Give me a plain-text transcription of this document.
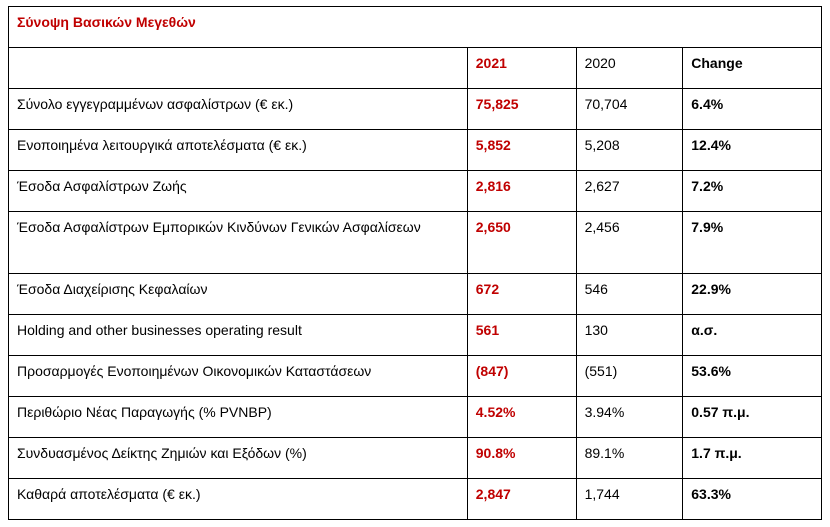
Σύνοψη Βασικών Μεγεθών			
	2021	2020	Change
Σύνολο εγγεγραμμένων ασφαλίστρων (€ εκ.)	75,825	70,704	6.4%
Ενοποιημένα λειτουργικά αποτελέσματα (€ εκ.)	5,852	5,208	12.4%
Έσοδα Ασφαλίστρων Ζωής	2,816	2,627	7.2%
Έσοδα Ασφαλίστρων Εμπορικών Κινδύνων Γενικών Ασφαλίσεων	2,650	2,456	7.9%
Έσοδα Διαχείρισης Κεφαλαίων	672	546	22.9%
Holding and other businesses operating result	561	130	α.σ.
Προσαρμογές Ενοποιημένων Οικονομικών Καταστάσεων	(847)	(551)	53.6%
Περιθώριο Νέας Παραγωγής (% PVNBP)	4.52%	3.94%	0.57 π.μ.
Συνδυασμένος Δείκτης Ζημιών και Εξόδων (%)	90.8%	89.1%	1.7 π.μ.
Καθαρά αποτελέσματα (€ εκ.)	2,847	1,744	63.3%
